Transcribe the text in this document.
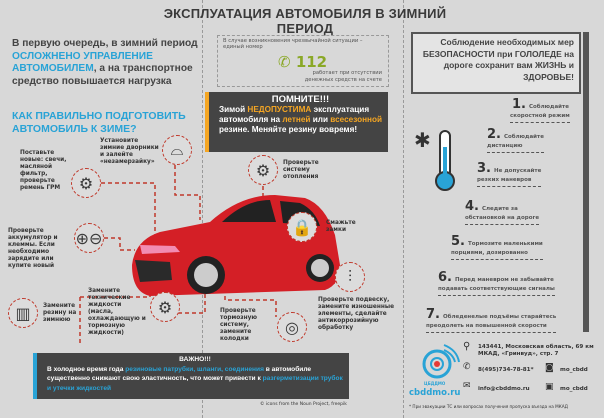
ЭКСПЛУАТАЦИЯ АВТОМОБИЛЯ В ЗИМНИЙ ПЕРИОД
В первую очередь, в зимний период ОСЛОЖНЕНО УПРАВЛЕНИЕ АВТОМОБИЛЕМ, а на транспортное средство повышается нагрузка
КАК ПРАВИЛЬНО ПОДГОТОВИТЬ АВТОМОБИЛЬ К ЗИМЕ?
В случае возникновения чрезвычайной ситуации – единый номер
✆ 112
работает при отсутствии
денежных средств на счете
ПОМНИТЕ!!!
Зимой НЕДОПУСТИМА эксплуатация автомобиля на летней или всесезонной резине. Меняйте резину вовремя!
⚙
Поставьте новые: свечи, масляной фильтр, проверьте ремень ГРМ
⌓
Установите зимние дворники и залейте «незамерзайку»	⚙	Проверьте системy отопления
⊕⊖
Проверьте аккумулятор и клеммы. Если необходимо зарядите или купите новый
🔒	Смажьте замки
▥	Замените резину на зимнюю
⚙
Замените технические жидкости (масла, охлаждающую и тормозную жидкости)	◎
Проверьте тормозную систему, замените колодки
⫶
Проверьте подвеску, замените изношенные элементы, сделайте антикоррозийную обработку
ВАЖНО!!!
В холодное время года резиновые патрубки, шланги, соединения в автомобиле существенно снижают свою эластичность, что может привести к разгерметизации трубок и утечки жидкостей
© icons from the Noun Project, freepik
Соблюдение необходимых мер БЕЗОПАСНОСТИ при ГОЛОЛЕДЕ на дороге сохранит вам ЖИЗНЬ и ЗДОРОВЬЕ!
✱
1. Соблюдайте
скоростной режим
2. Соблюдайте
дистанцию
3. Не допускайте
резких маневров
4. Следите за
обстановкой на дороге
5. Тормозите маленькими
порциями, дозированно
6. Перед маневром не забывайте
подавать соответствующие сигналы
7. Обледенелые подъёмы старайтесь
преодолеть на повышенной скорости
ЦБДДМО
cbddmo.ru
⚲ 143441, Московская область, 69 км МКАД, «Гринвуд», стр. 7
✆ 8(495)734-78-81*
✉ info@cbddmo.ru
◙ mo_cbdd
▣ mo_cbdd
* При эвакуации ТС или вопросах получения пропуска въезда на МКАД
